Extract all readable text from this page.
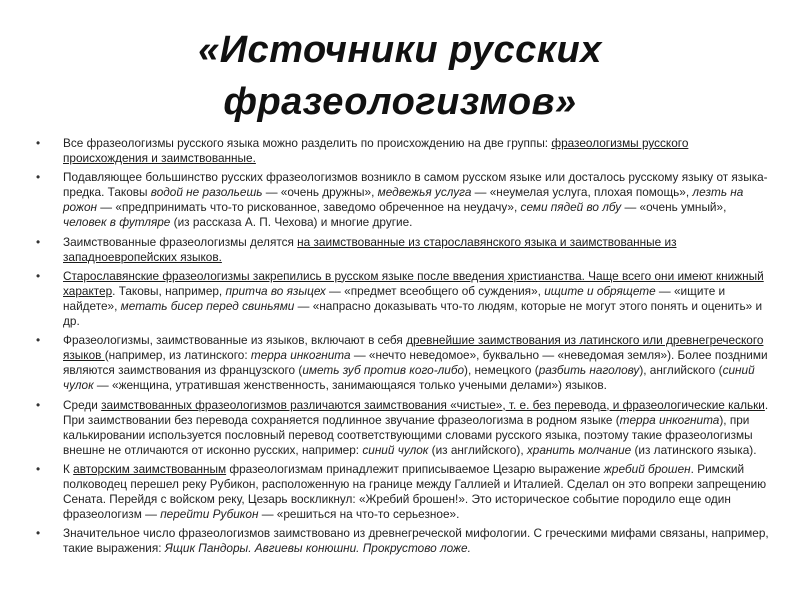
«Источники русских
фразеологизмов»
• Все фразеологизмы русского языка можно разделить по происхождению на две группы: фразеологизмы русского происхождения и заимствованные.
• Подавляющее большинство русских фразеологизмов возникло в самом русском языке или досталось русскому языку от языка-предка. Таковы водой не разольешь — «очень дружны», медвежья услуга — «неумелая услуга, плохая помощь», лезть на рожон — «предпринимать что-то рискованное, заведомо обреченное на неудачу», семи пядей во лбу — «очень умный», человек в футляре (из рассказа А. П. Чехова) и многие другие.
• Заимствованные фразеологизмы делятся на заимствованные из старославянского языка и заимствованные из западноевропейских языков.
• Старославянские фразеологизмы закрепились в русском языке после введения христианства. Чаще всего они имеют книжный характер. Таковы, например, притча во языцех — «предмет всеобщего об суждения», ищите и обрящете — «ищите и найдете», метать бисер перед свиньями — «напрасно доказывать что-то людям, которые не могут этого понять и оценить» и др.
• Фразеологизмы, заимствованные из языков, включают в себя древнейшие заимствования из латинского или древнегреческого языков (например, из латинского: терра инкогнита — «нечто неведомое», буквально — «неведомая земля»). Более поздними являются заимствования из французского (иметь зуб против кого-либо), немецкого (разбить наголову), английского (синий чулок — «женщина, утратившая женственность, занимающаяся только учеными делами») языков.
• Среди заимствованных фразеологизмов различаются заимствования «чистые», т. е. без перевода, и фразеологические кальки. При заимствовании без перевода сохраняется подлинное звучание фразеологизма в родном языке (терра инкогнита), при калькировании используется пословный перевод соответствующими словами русского языка, поэтому такие фразеологизмы внешне не отличаются от исконно русских, например: синий чулок (из английского), хранить молчание (из латинского языка).
• К авторским заимствованным фразеологизмам принадлежит приписываемое Цезарю выражение жребий брошен. Римский полководец перешел реку Рубикон, расположенную на границе между Галлией и Италией. Сделал он это вопреки запрещению Сената. Перейдя с войском реку, Цезарь воскликнул: «Жребий брошен!». Это историческое событие породило еще один фразеологизм — перейти Рубикон — «решиться на что-то серьезное».
• Значительное число фразеологизмов заимствовано из древнегреческой мифологии. С греческими мифами связаны, например, такие выражения: Ящик Пандоры. Авгиевы конюшни. Прокрустово ложе.
